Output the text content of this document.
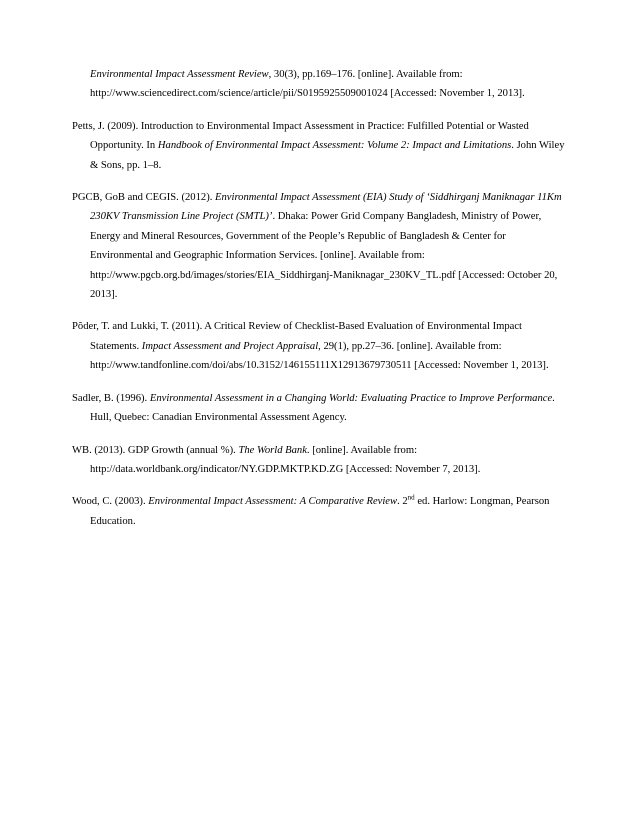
Environmental Impact Assessment Review, 30(3), pp.169–176. [online]. Available from:
http://www.sciencedirect.com/science/article/pii/S0195925509001024 [Accessed: November 1, 2013].
Petts, J. (2009). Introduction to Environmental Impact Assessment in Practice: Fulfilled Potential or Wasted Opportunity. In Handbook of Environmental Impact Assessment: Volume 2: Impact and Limitations. John Wiley & Sons, pp. 1–8.
PGCB, GoB and CEGIS. (2012). Environmental Impact Assessment (EIA) Study of ‘Siddhirganj Maniknagar 11Km 230KV Transmission Line Project (SMTL)’. Dhaka: Power Grid Company Bangladesh, Ministry of Power, Energy and Mineral Resources, Government of the People’s Republic of Bangladesh & Center for Environmental and Geographic Information Services. [online]. Available from: http://www.pgcb.org.bd/images/stories/EIA_Siddhirganj-Maniknagar_230KV_TL.pdf [Accessed: October 20, 2013].
Põder, T. and Lukki, T. (2011). A Critical Review of Checklist-Based Evaluation of Environmental Impact Statements. Impact Assessment and Project Appraisal, 29(1), pp.27–36. [online]. Available from: http://www.tandfonline.com/doi/abs/10.3152/146155111X12913679730511 [Accessed: November 1, 2013].
Sadler, B. (1996). Environmental Assessment in a Changing World: Evaluating Practice to Improve Performance. Hull, Quebec: Canadian Environmental Assessment Agency.
WB. (2013). GDP Growth (annual %). The World Bank. [online]. Available from: http://data.worldbank.org/indicator/NY.GDP.MKTP.KD.ZG [Accessed: November 7, 2013].
Wood, C. (2003). Environmental Impact Assessment: A Comparative Review. 2nd ed. Harlow: Longman, Pearson Education.
